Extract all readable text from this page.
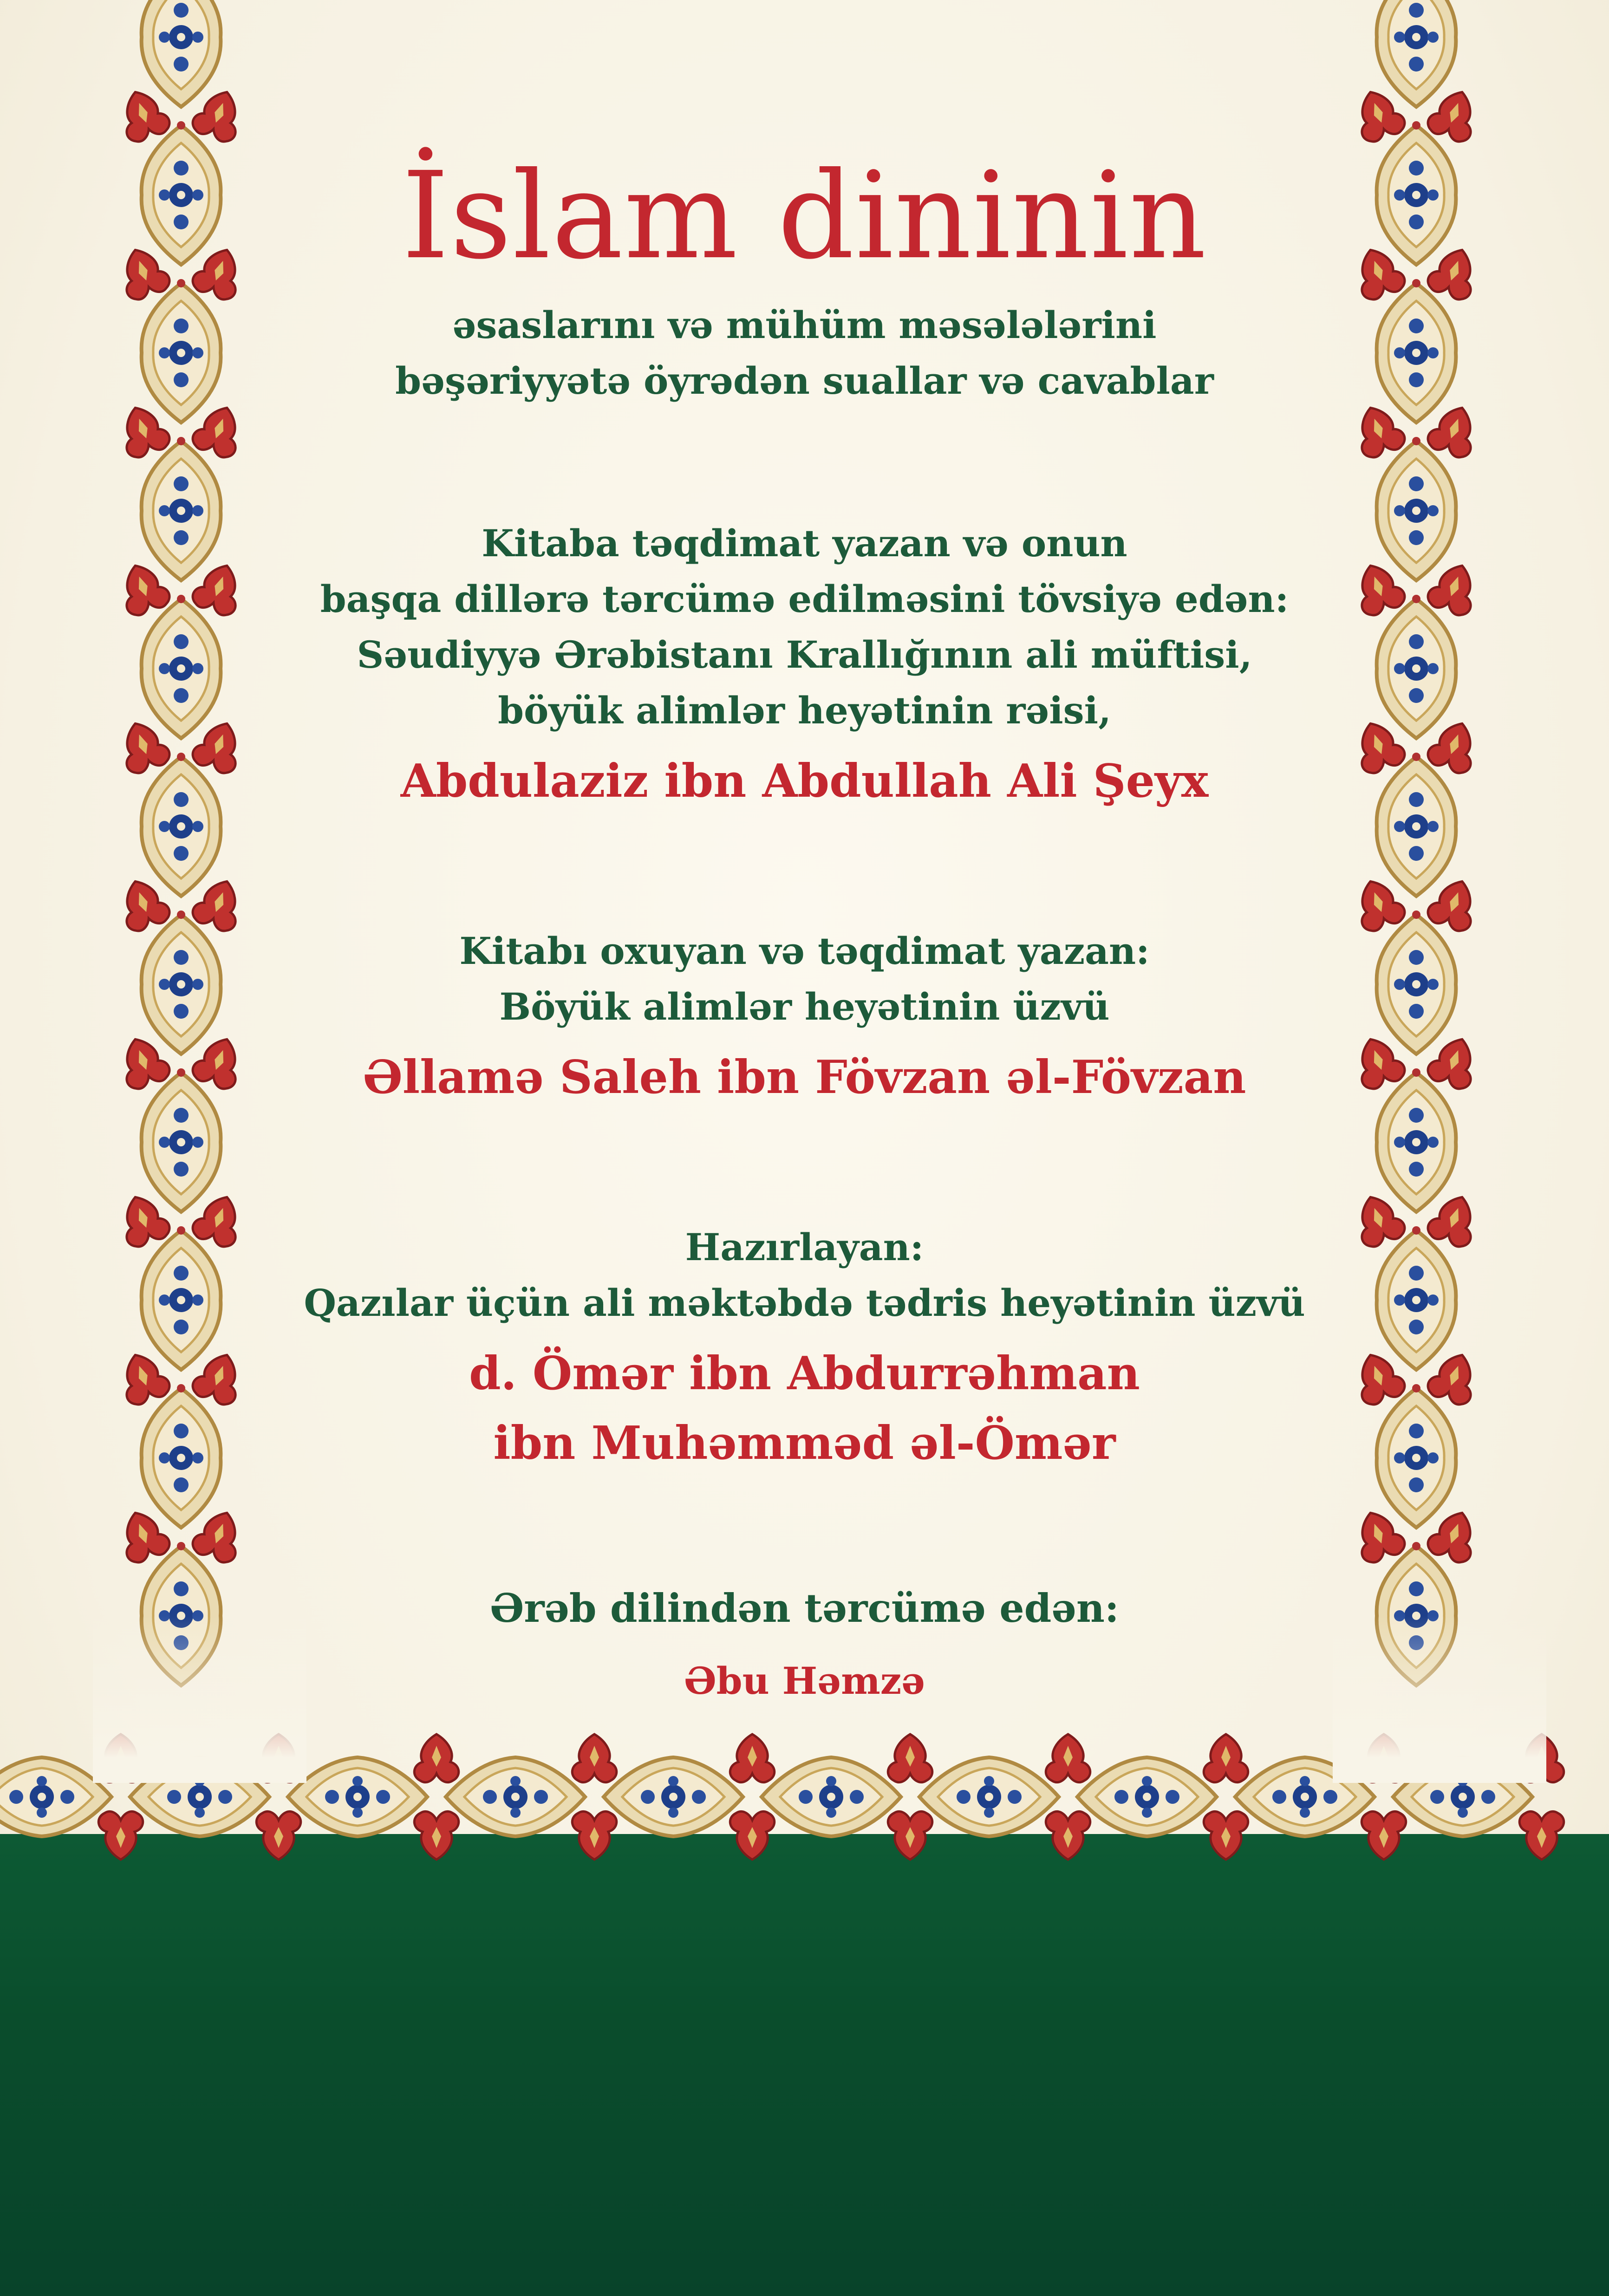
İslam dininin
əsaslarını və mühüm məsələlərini
bəşəriyyətə öyrədən suallar və cavablar
Kitaba təqdimat yazan və onun
başqa dillərə tərcümə edilməsini tövsiyə edən:
Səudiyyə Ərəbistanı Krallığının ali müftisi,
böyük alimlər heyətinin rəisi,
Abdulaziz ibn Abdullah Ali Şeyx
Kitabı oxuyan və təqdimat yazan:
Böyük alimlər heyətinin üzvü
Əllamə Saleh ibn Fövzan əl-Fövzan
Hazırlayan:
Qazılar üçün ali məktəbdə tədris heyətinin üzvü
d. Ömər ibn Abdurrəhman
ibn Muhəmməd əl-Ömər
Ərəb dilindən tərcümə edən:
Əbu Həmzə
